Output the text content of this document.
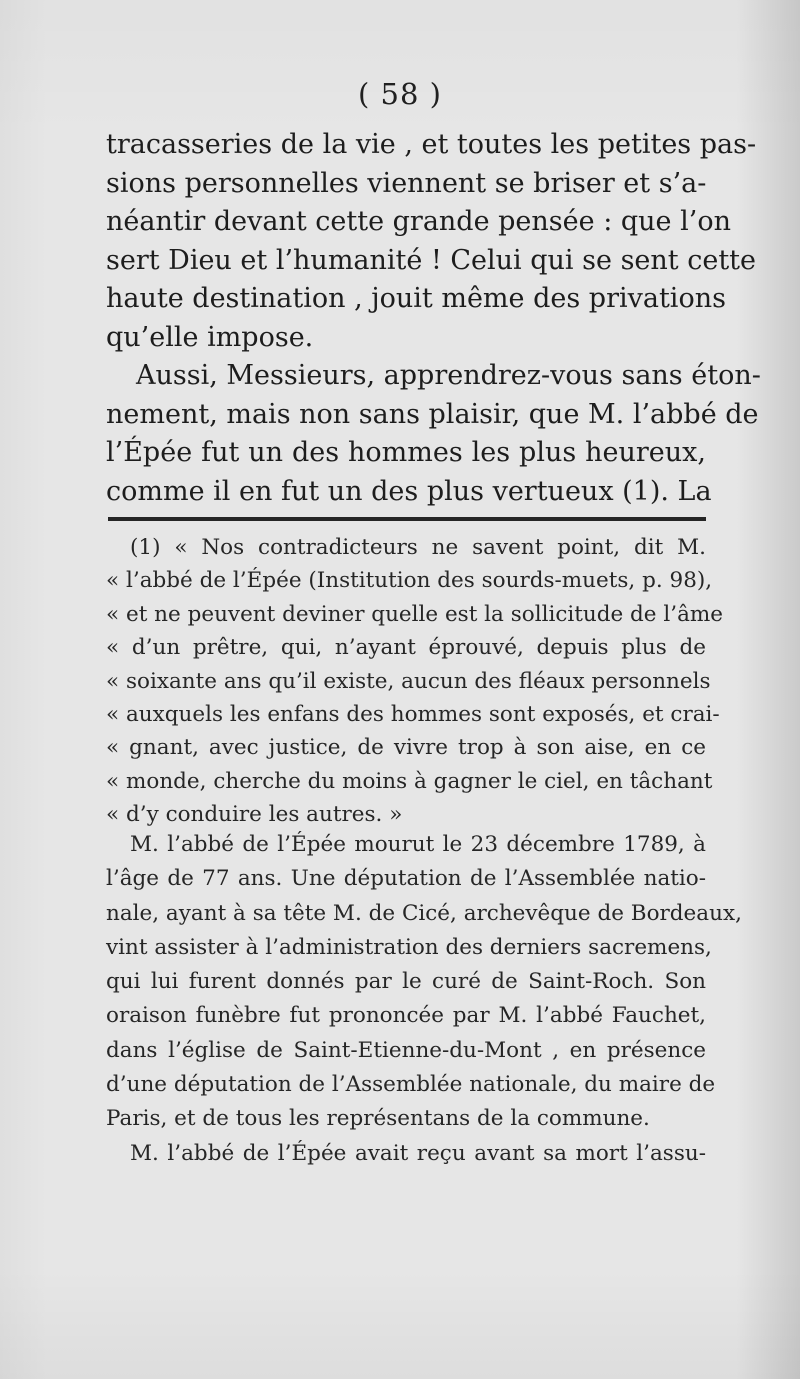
( 58 )
tracasseries de la vie , et toutes les petites pas-
sions personnelles viennent se briser et s’a-
néantir devant cette grande pensée : que l’on
sert Dieu et l’humanité ! Celui qui se sent cette
haute destination , jouit même des privations
qu’elle impose.
Aussi, Messieurs, apprendrez-vous sans éton-
nement, mais non sans plaisir, que M. l’abbé de
l’Épée fut un des hommes les plus heureux,
comme il en fut un des plus vertueux (1). La
(1) « Nos contradicteurs ne savent point, dit M.
« l’abbé de l’Épée (Institution des sourds-muets, p. 98),
« et ne peuvent deviner quelle est la sollicitude de l’âme
« d’un prêtre, qui, n’ayant éprouvé, depuis plus de
« soixante ans qu’il existe, aucun des fléaux personnels
« auxquels les enfans des hommes sont exposés, et crai-
« gnant, avec justice, de vivre trop à son aise, en ce
« monde, cherche du moins à gagner le ciel, en tâchant
« d’y conduire les autres. »
M. l’abbé de l’Épée mourut le 23 décembre 1789, à
l’âge de 77 ans. Une députation de l’Assemblée natio-
nale, ayant à sa tête M. de Cicé, archevêque de Bordeaux,
vint assister à l’administration des derniers sacremens,
qui lui furent donnés par le curé de Saint-Roch. Son
oraison funèbre fut prononcée par M. l’abbé Fauchet,
dans l’église de Saint-Etienne-du-Mont , en présence
d’une députation de l’Assemblée nationale, du maire de
Paris, et de tous les représentans de la commune.
M. l’abbé de l’Épée avait reçu avant sa mort l’assu-
